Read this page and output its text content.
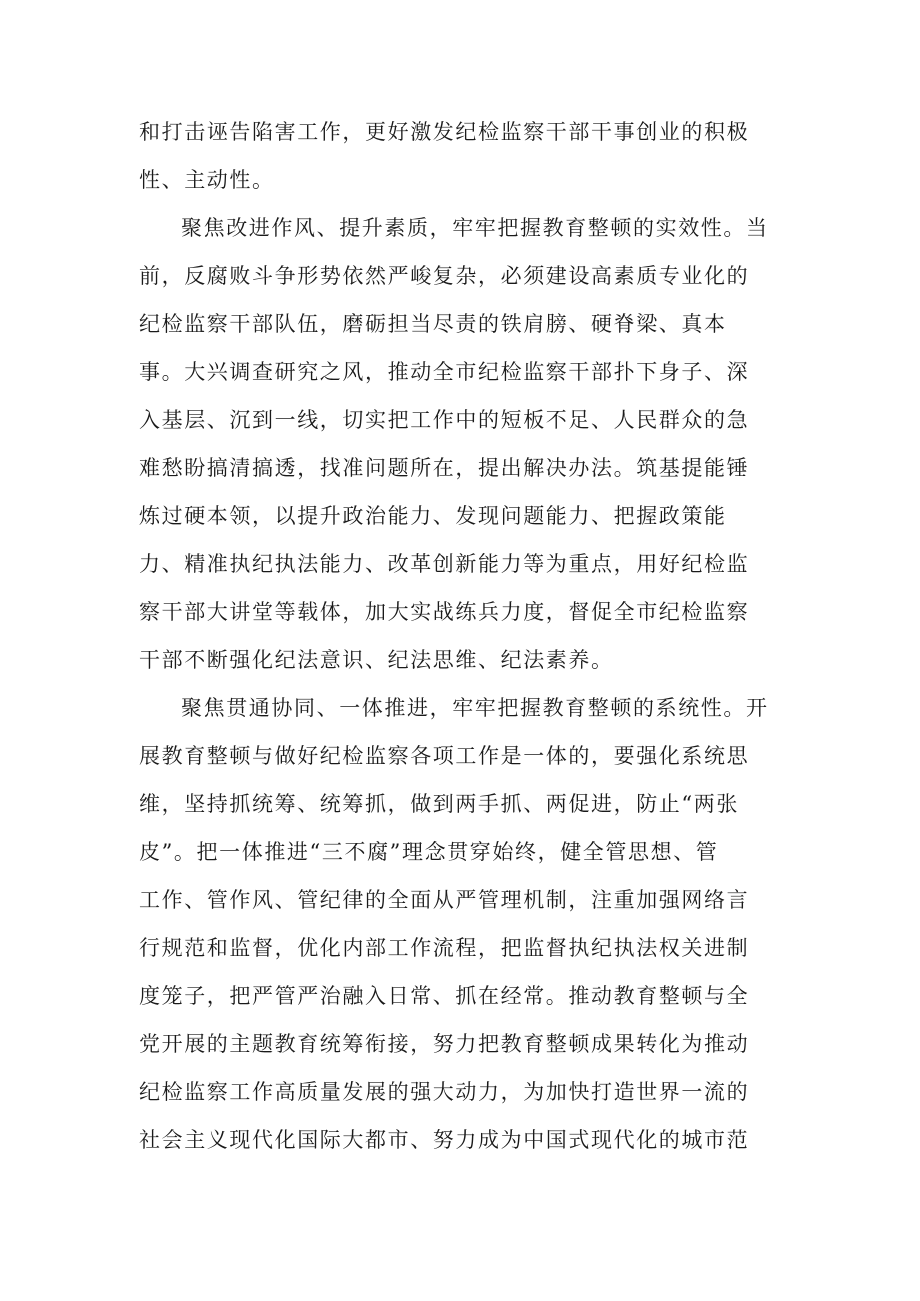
和打击诬告陷害工作，更好激发纪检监察干部干事创业的积极
性、主动性。
聚焦改进作风、提升素质，牢牢把握教育整顿的实效性。当
前，反腐败斗争形势依然严峻复杂，必须建设高素质专业化的
纪检监察干部队伍，磨砺担当尽责的铁肩膀、硬脊梁、真本
事。大兴调查研究之风，推动全市纪检监察干部扑下身子、深
入基层、沉到一线，切实把工作中的短板不足、人民群众的急
难愁盼搞清搞透，找准问题所在，提出解决办法。筑基提能锤
炼过硬本领，以提升政治能力、发现问题能力、把握政策能
力、精准执纪执法能力、改革创新能力等为重点，用好纪检监
察干部大讲堂等载体，加大实战练兵力度，督促全市纪检监察
干部不断强化纪法意识、纪法思维、纪法素养。
聚焦贯通协同、一体推进，牢牢把握教育整顿的系统性。开
展教育整顿与做好纪检监察各项工作是一体的，要强化系统思
维，坚持抓统筹、统筹抓，做到两手抓、两促进，防止“两张
皮”。把一体推进“三不腐”理念贯穿始终，健全管思想、管
工作、管作风、管纪律的全面从严管理机制，注重加强网络言
行规范和监督，优化内部工作流程，把监督执纪执法权关进制
度笼子，把严管严治融入日常、抓在经常。推动教育整顿与全
党开展的主题教育统筹衔接，努力把教育整顿成果转化为推动
纪检监察工作高质量发展的强大动力，为加快打造世界一流的
社会主义现代化国际大都市、努力成为中国式现代化的城市范
